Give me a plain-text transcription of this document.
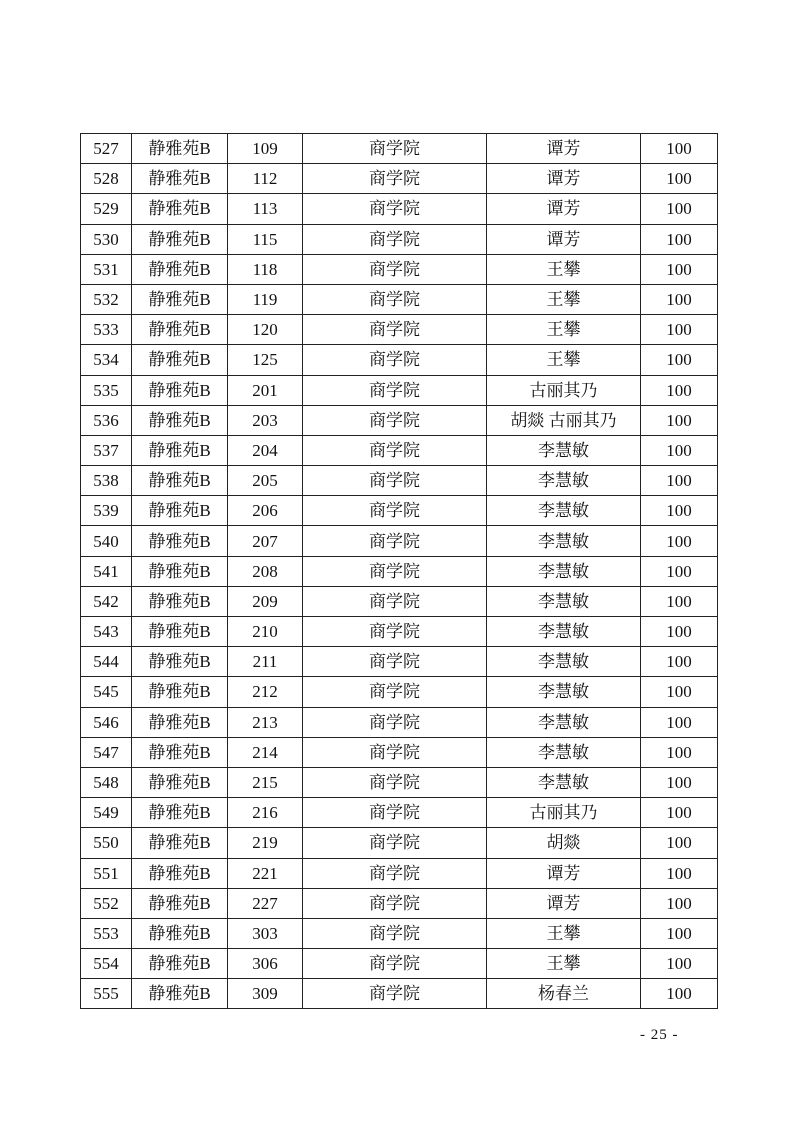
527	静雅苑B	109	商学院	谭芳	100
528	静雅苑B	112	商学院	谭芳	100
529	静雅苑B	113	商学院	谭芳	100
530	静雅苑B	115	商学院	谭芳	100
531	静雅苑B	118	商学院	王攀	100
532	静雅苑B	119	商学院	王攀	100
533	静雅苑B	120	商学院	王攀	100
534	静雅苑B	125	商学院	王攀	100
535	静雅苑B	201	商学院	古丽其乃	100
536	静雅苑B	203	商学院	胡燚 古丽其乃	100
537	静雅苑B	204	商学院	李慧敏	100
538	静雅苑B	205	商学院	李慧敏	100
539	静雅苑B	206	商学院	李慧敏	100
540	静雅苑B	207	商学院	李慧敏	100
541	静雅苑B	208	商学院	李慧敏	100
542	静雅苑B	209	商学院	李慧敏	100
543	静雅苑B	210	商学院	李慧敏	100
544	静雅苑B	211	商学院	李慧敏	100
545	静雅苑B	212	商学院	李慧敏	100
546	静雅苑B	213	商学院	李慧敏	100
547	静雅苑B	214	商学院	李慧敏	100
548	静雅苑B	215	商学院	李慧敏	100
549	静雅苑B	216	商学院	古丽其乃	100
550	静雅苑B	219	商学院	胡燚	100
551	静雅苑B	221	商学院	谭芳	100
552	静雅苑B	227	商学院	谭芳	100
553	静雅苑B	303	商学院	王攀	100
554	静雅苑B	306	商学院	王攀	100
555	静雅苑B	309	商学院	杨春兰	100
- 25 -
